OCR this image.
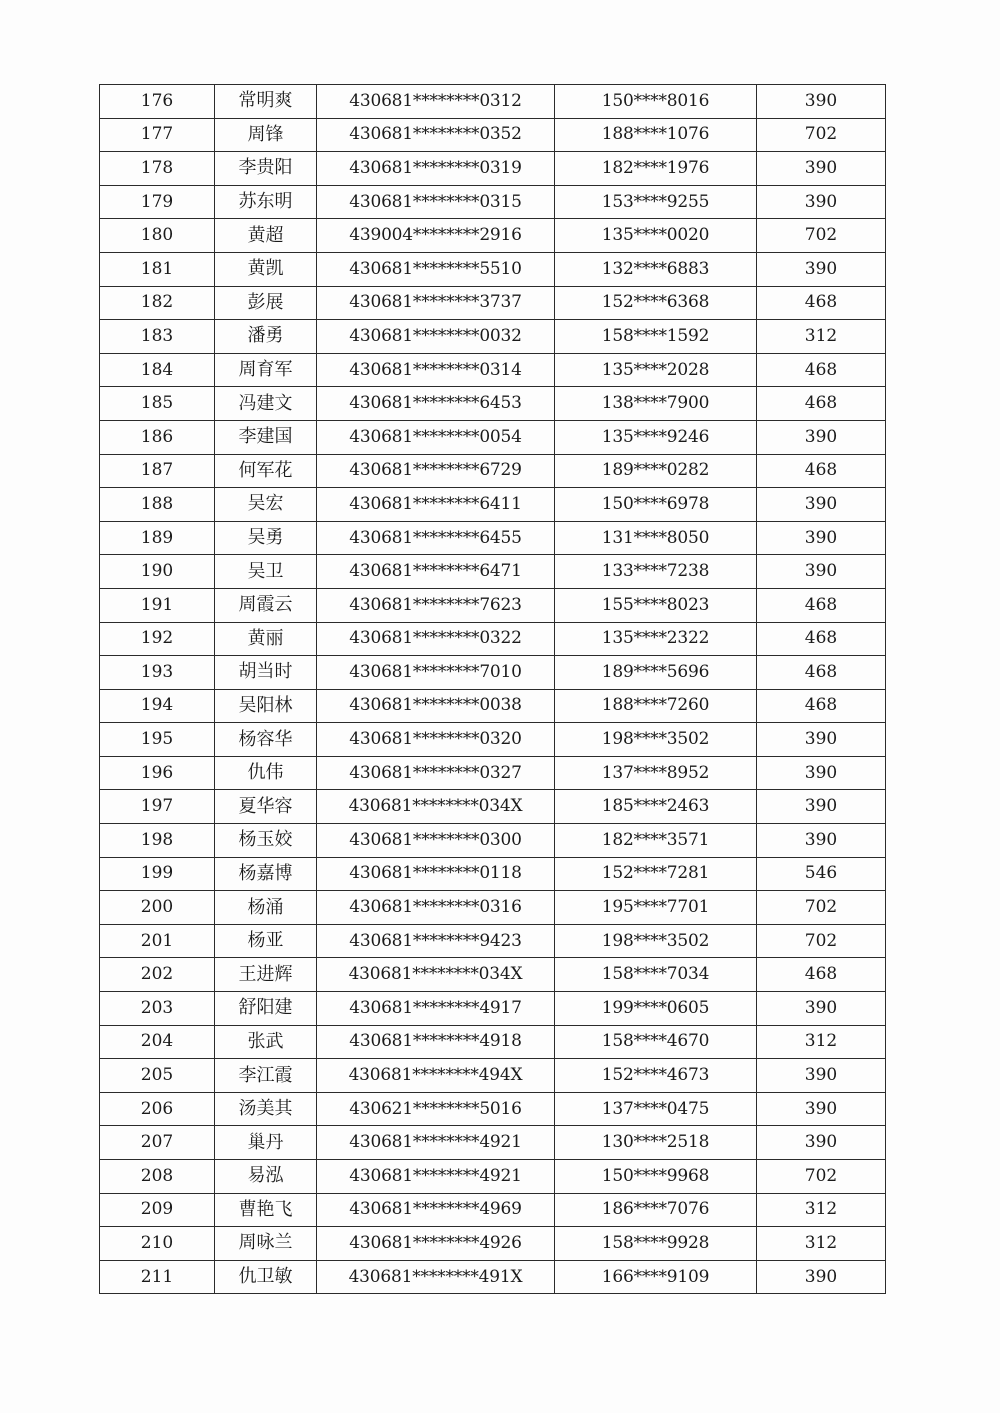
176	常明爽	430681********0312	150****8016	390
177	周锋	430681********0352	188****1076	702
178	李贵阳	430681********0319	182****1976	390
179	苏东明	430681********0315	153****9255	390
180	黄超	439004********2916	135****0020	702
181	黄凯	430681********5510	132****6883	390
182	彭展	430681********3737	152****6368	468
183	潘勇	430681********0032	158****1592	312
184	周育军	430681********0314	135****2028	468
185	冯建文	430681********6453	138****7900	468
186	李建国	430681********0054	135****9246	390
187	何军花	430681********6729	189****0282	468
188	吴宏	430681********6411	150****6978	390
189	吴勇	430681********6455	131****8050	390
190	吴卫	430681********6471	133****7238	390
191	周霞云	430681********7623	155****8023	468
192	黄丽	430681********0322	135****2322	468
193	胡当时	430681********7010	189****5696	468
194	吴阳林	430681********0038	188****7260	468
195	杨容华	430681********0320	198****3502	390
196	仇伟	430681********0327	137****8952	390
197	夏华容	430681********034X	185****2463	390
198	杨玉姣	430681********0300	182****3571	390
199	杨嘉博	430681********0118	152****7281	546
200	杨涌	430681********0316	195****7701	702
201	杨亚	430681********9423	198****3502	702
202	王进辉	430681********034X	158****7034	468
203	舒阳建	430681********4917	199****0605	390
204	张武	430681********4918	158****4670	312
205	李江霞	430681********494X	152****4673	390
206	汤美其	430621********5016	137****0475	390
207	巢丹	430681********4921	130****2518	390
208	易泓	430681********4921	150****9968	702
209	曹艳飞	430681********4969	186****7076	312
210	周咏兰	430681********4926	158****9928	312
211	仇卫敏	430681********491X	166****9109	390
